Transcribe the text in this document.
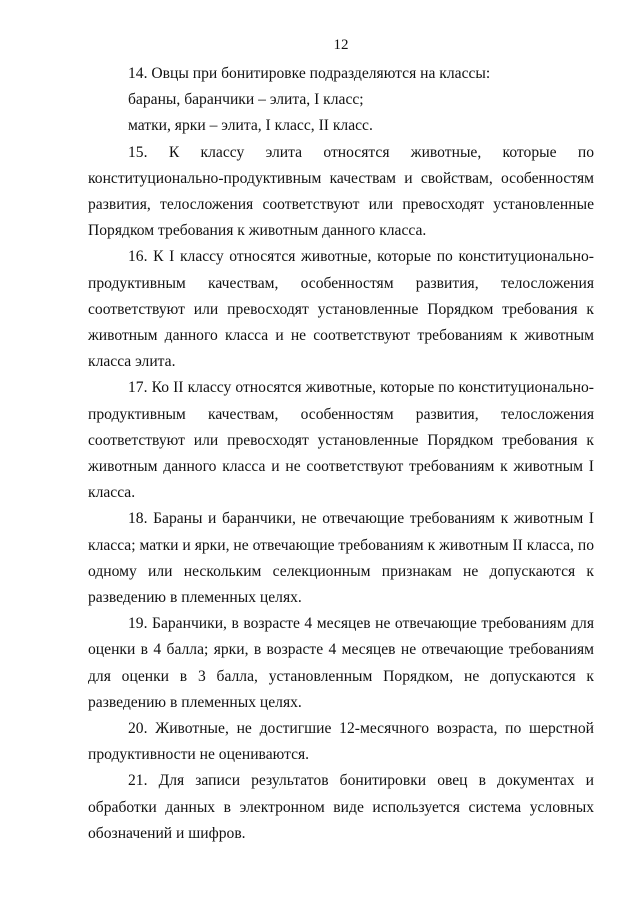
12

14. Овцы при бонитировке подразделяются на классы:

бараны, баранчики – элита, I класс;

матки, ярки – элита, I класс, II класс.

15. К классу элита относятся животные, которые по конституционально-продуктивным качествам и свойствам, особенностям развития, телосложения соответствуют или превосходят установленные Порядком требования к животным данного класса.

16. К I классу относятся животные, которые по конституционально-продуктивным качествам, особенностям развития, телосложения соответствуют или превосходят установленные Порядком требования к животным данного класса и не соответствуют требованиям к животным класса элита.

17. Ко II классу относятся животные, которые по конституционально-продуктивным качествам, особенностям развития, телосложения соответствуют или превосходят установленные Порядком требования к животным данного класса и не соответствуют требованиям к животным I класса.

18. Бараны и баранчики, не отвечающие требованиям к животным I класса; матки и ярки, не отвечающие требованиям к животным II класса, по одному или нескольким селекционным признакам не допускаются к разведению в племенных целях.

19. Баранчики, в возрасте 4 месяцев не отвечающие требованиям для оценки в 4 балла; ярки, в возрасте 4 месяцев не отвечающие требованиям для оценки в 3 балла, установленным Порядком, не допускаются к разведению в племенных целях.

20. Животные, не достигшие 12-месячного возраста, по шерстной продуктивности не оцениваются.

21. Для записи результатов бонитировки овец в документах и обработки данных в электронном виде используется система условных обозначений и шифров.
